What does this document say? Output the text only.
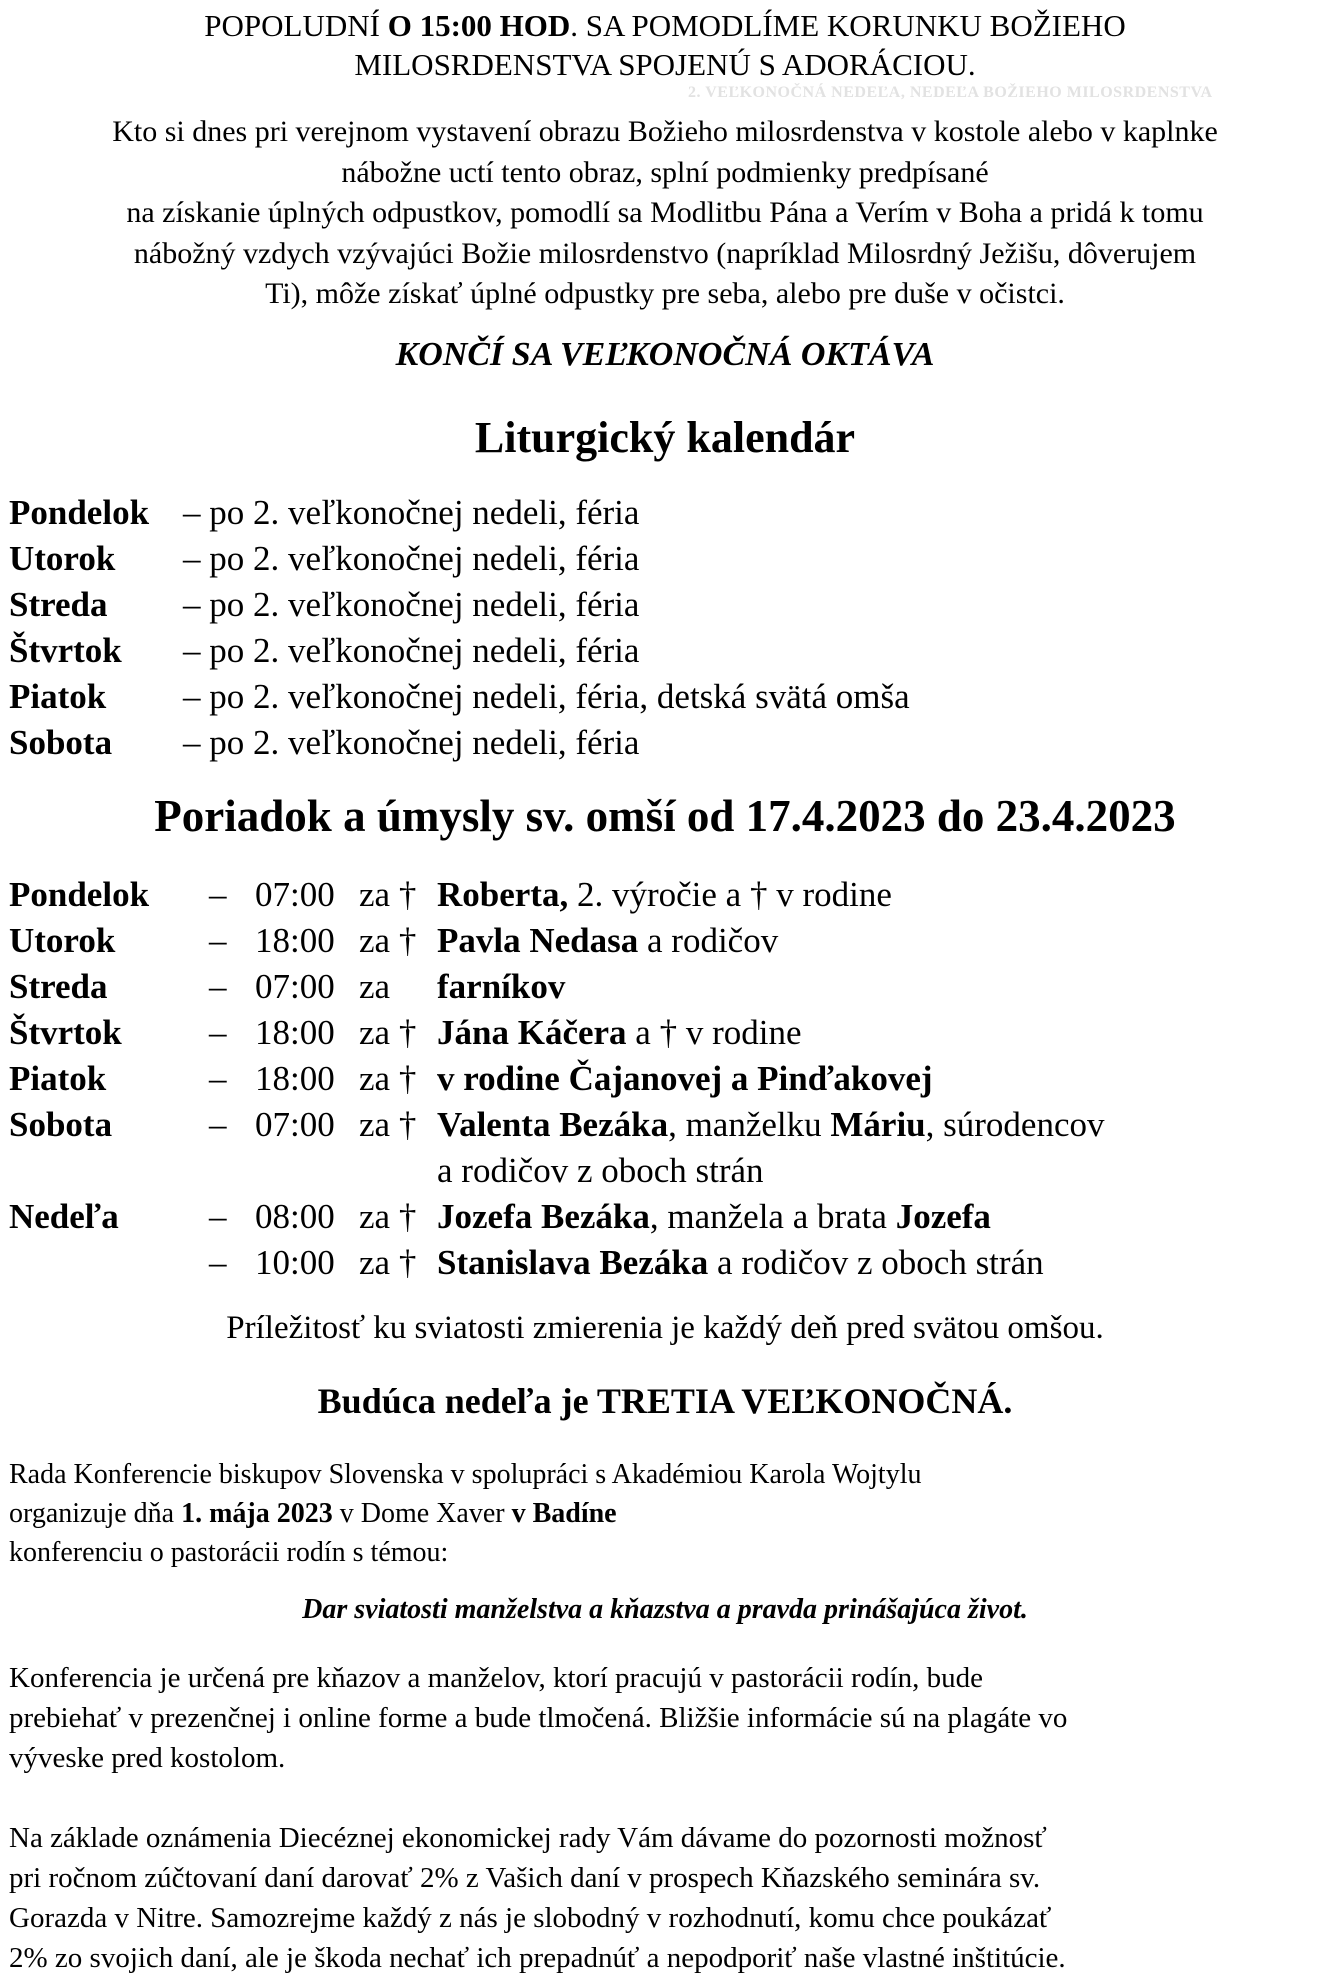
POPOLUDNÍ O 15:00 HOD. SA POMODLÍME KORUNKU BOŽIEHO
MILOSRDENSTVA SPOJENÚ S ADORÁCIOU.
2. VEĽKONOČNÁ NEDEĽA, NEDEĽA BOŽIEHO MILOSRDENSTVA
Kto si dnes pri verejnom vystavení obrazu Božieho milosrdenstva v kostole alebo v kaplnke
nábožne uctí tento obraz, splní podmienky predpísané
na získanie úplných odpustkov, pomodlí sa Modlitbu Pána a Verím v Boha a pridá k tomu
nábožný vzdych vzývajúci Božie milosrdenstvo (napríklad Milosrdný Ježišu, dôverujem
Ti), môže získať úplné odpustky pre seba, alebo pre duše v očistci.
KONČÍ SA VEĽKONOČNÁ OKTÁVA
Liturgický kalendár
Pondelok – po 2. veľkonočnej nedeli, féria
Utorok – po 2. veľkonočnej nedeli, féria
Streda – po 2. veľkonočnej nedeli, féria
Štvrtok – po 2. veľkonočnej nedeli, féria
Piatok – po 2. veľkonočnej nedeli, féria, detská svätá omša
Sobota – po 2. veľkonočnej nedeli, féria
Poriadok a úmysly sv. omší od 17.4.2023 do 23.4.2023
Pondelok – 07:00 za † Roberta, 2. výročie a † v rodine
Utorok	– 18:00 za † Pavla Nedasa a rodičov
Streda	– 07:00 za farníkov
Štvrtok – 18:00 za † Jána Káčera a † v rodine
Piatok	– 18:00 za † v rodine Čajanovej a Pinďakovej
Sobota	– 07:00 za † Valenta Bezáka, manželku Máriu, súrodencov
a rodičov z oboch strán
Nedeľa	– 08:00 za † Jozefa Bezáka, manžela a brata Jozefa
– 10:00 za † Stanislava Bezáka a rodičov z oboch strán
Príležitosť ku sviatosti zmierenia je každý deň pred svätou omšou.
Budúca nedeľa je TRETIA VEĽKONOČNÁ.
Rada Konferencie biskupov Slovenska v spolupráci s Akadémiou Karola Wojtylu
organizuje dňa 1. mája 2023 v Dome Xaver v Badíne
konferenciu o pastorácii rodín s témou:
Dar sviatosti manželstva a kňazstva a pravda prinášajúca život.
Konferencia je určená pre kňazov a manželov, ktorí pracujú v pastorácii rodín, bude
prebiehať v prezenčnej i online forme a bude tlmočená. Bližšie informácie sú na plagáte vo
vývesk​e pred kostolom.
Na základe oznámenia Diecéznej ekonomickej rady Vám dávame do pozornosti možnosť
pri ročnom zúčtovaní daní darovať 2% z Vašich daní v prospech Kňazského seminára sv.
Gorazda v Nitre. Samozrejme každý z nás je slobodný v rozhodnutí, komu chce poukázať
2% zo svojich daní, ale je škoda nechať ich prepadnúť a nepodporiť naše vlastné inštitúcie.
